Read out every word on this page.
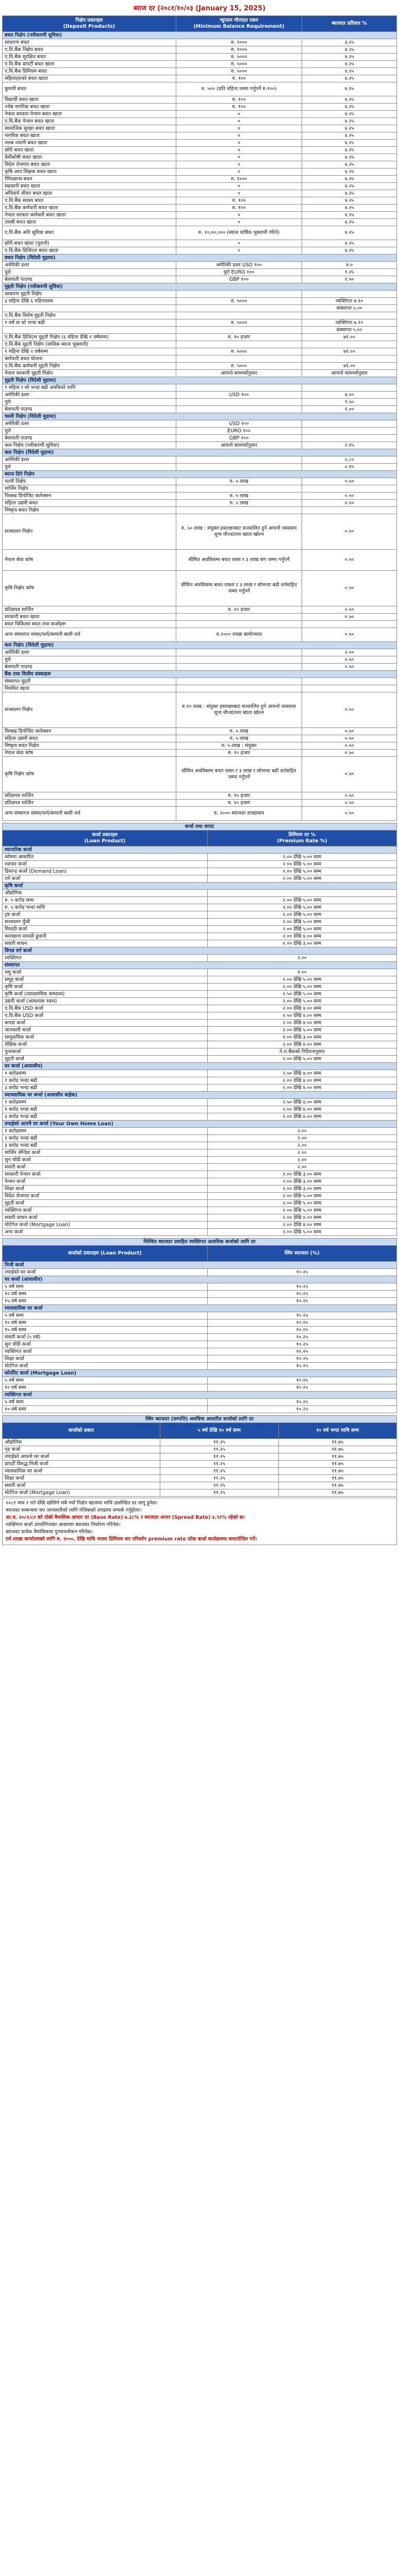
ब्याज दर (२०८१/१०/०३ (January 15, 2025)
निक्षेप प्रकारहरु
(Deposit Products)	न्यूनतम मौज्दात रकम
(Minimum Balance Requirement)	ब्याजदर प्रतिशत %
बचत निक्षेप (नवीकरणी सुविधा)		
साधारण बचत	रु. १०००	३.२५
ए.वि.बैंक निक्षेप बचत	रु. १०००	४.२५
ए.वि.बैंक सुरक्षित बचत	रु. ५०००	४.२५
ए.वि.बैंक प्रापर्टी बचत खाता	रु. ५०००	४.२५
ए.वि.बैंक प्रिमियम बचत	रु. ५०००	४.२५
महिलाहरुको बचत खाता	रु. १००	४.२५
कुमारी बचत	रु. ५०० (प्रति महिना जम्मा गर्नुपर्ने रु.१००)	४.२५
विद्यार्थी बचत खाता	रु. १००	४.२५
ज्येष्ठ नागरिक बचत खाता	रु. १००	४.२५
नेपाल सरकार पेन्सन बचत खाता	०	४.२५
ए.वि.बैंक पेन्सन बचत खाता	०	४.२५
सामाजिक सुरक्षा बचत खाता	०	४.२५
नागरिक बचत खाता	०	४.२५
तलब ज्यानी बचत खाता	०	४.२५
छोरी बचत खाता	०	४.२५
प्रेमीकोषी बचत खाता	०	४.२५
विदेश रोजगार बचत खाता	०	४.२५
कृषि आय शिक्षक बचत खाता	०	४.२५
रेमिट्यान्स बचत	रु. १०००	४.२५
सहकारी बचत खाता	०	४.२५
अनिवार्य जीवन बचत खाता	०	४.२५
ए.वि.बैंक सदस्य बचत	रु. १००	४.२५
ए.वि.बैंक कर्मचारी बचत खाता	रु. १००	४.२५
नेपाल सरकार कर्मचारी बचत खाता	०	४.२५
तलबी बचत खाता	०	४.२५
ए.वि.बैंक अति सुविधा बचत	रु. १०,००,००० (ब्याज वार्षिक भुक्तानी गरिने)	४.२५
छोरी बचत खाता (पुरानो)	०	४.२५
ए.वि.बैंक डिजिटल बचत खाता	०	४.२५
बचत निक्षेप (विदेशी मुद्रामा)		
अमेरिकी डलर	अमेरिकी डलर USD १००	४.०
युरो	युरो EURO १००	१.२५
बेलायती पाउण्ड	GBP १००	१.५०
मुद्दती निक्षेप (नवीकरणी सुविधा)		
साधारण मुद्दती निक्षेप		
३ महिना देखि ६ महिनासम्म	रु. ५०००	व्यक्तिगत ७.१०
		संस्थागत ५.००
ए.वि.बैंक विशेष मुद्दती निक्षेप		
१ वर्ष वा सो भन्दा बढी	रु. ५०००	व्यक्तिगत ७.१०
		संस्थागत ५.००
ए.वि.बैंक डिजिटल मुद्दती निक्षेप (६ महिना देखि १ वर्षसम्म)	रु. १० हजार	७१.००
ए.वि.बैंक मुद्दती निक्षेप (मासिक ब्याज भुक्तानी)		
१ महिना देखि २ वर्षसम्म	रु. ५०००	७१.००
कर्मचारी बचत योजना		
ए.वि.बैंक कर्मचारी मुद्दती निक्षेप	रु. ५०००	७१.००
नेपाल सरकारी मुद्दती निक्षेप	आफ्नो सामर्थ्यानुसार	आफ्नो सामर्थ्यानुसार
मुद्दती निक्षेप (विदेशी मुद्रामा)		
१ महिना र सो भन्दा बढी अवधिको लागि		
अमेरिकी डलर	USD १००	४.००
युरो		१.५०
बेलायती पाउण्ड		१.००
चल्ती निक्षेप (विदेशी मुद्रामा)		
अमेरिकी डलर	USD १००	
युरो	EURO १००	
बेलायती पाउण्ड	GBP १००	
कल निक्षेप (नवीकरणी सुविधा)	आफ्नो सामर्थ्यानुसार	२.१५
कल निक्षेप (विदेशी मुद्रामा)		
अमेरिकी डलर		०.८०
युरो		०.१५
ब्याज दिने निक्षेप		
चल्ती निक्षेप	रु. ५ लाख	०.५०
मार्जिन निक्षेप		
फिक्स्ड डिपोजिट कलेक्सन	रु. ५ लाख	०.५०
महिला उद्यमी बचत	रु. ५ लाख	०.५०
निष्कृय बचत निक्षेप		
सञ्चालन निक्षेप	रु. ५० लाख : संयुक्त हस्ताक्षरबाट सञ्चालित हुने आफ्नो व्यवसाय शून्य मौज्दातमा खाता खोल्न	०.५०
नेपाल सेवा कोष	सीमित अवधिसम्म बचत राख्न र ३ लाख संग जम्मा गर्नुपर्ने	०.५०
कृषि निक्षेप कोष	सीमित अवधिसम्म बचत राख्ना र ३ लाख र सोभन्दा बढी शर्तसहित जम्मा गर्नुपर्ने	०.५०
प्रतिज्ञपत्र मार्जिन	रु. १० हजार	०.५०
सरकारी बचत खाता		०.५०
बचत चिकित्सा बचत तथा कर्जाहरू		
अन्य संस्थागत संस्था/फर्म/कम्पनी बासी शर्त	रु.२००० शाखा बामोनमात्र	०.५०
कल निक्षेप (विदेशी मुद्रामा)		
अमेरिकी डलर		२.००
युरो		०.५०
बेलायती पाउण्ड		०.५०
बैंक तथा वित्तीय संस्थाहरू		
संस्थागत मुद्दती		
नियमित खाता		
सञ्चालन निक्षेप	रु.१० लाख : संयुक्त हस्ताक्षरबाट सञ्चालित हुने आफ्नो व्यवसाय शून्य मौज्दातमा खाता खोल्न	०.५०
फिक्स्ड डिपोजिट कलेक्सन	रु. ५ लाख	०.५०
महिला उद्यमी बचत	रु. ५ लाख	०.५०
निष्कृय बचत निक्षेप	रु. ५ लाख : संयुक्त	०.५०
नेपाल सेवा कोष	रु. १० हजार	०.५०
कृषि निक्षेप कोष	सीमित अवधिसम्म बचत राख्न र ३ लाख र सोभन्दा बढी शर्तसहित जम्मा गर्नुपर्ने	०.५०
प्रतिज्ञपत्र मार्जिन	रु. १० हजार	०.५०
प्रतिज्ञपत्र मार्जिन	रु. १० हजार	०.५०
अन्य संस्थागत संस्था/फर्म/कम्पनी बासी शर्त	रु. २००० ब्याजदर शाखामात्र	०.५०
कर्जा तथा सापट	
कर्जा प्रकारहरु
(Loan Product)	प्रिमियम दर %
(Premium Rate %)
व्यापारिक कर्जा	
कोषमा आधारित	२.०० देखि ५.०० सम्म
व्यापार कर्जा	२.०० देखि ५.०० सम्म
डिमान्ड कर्जा (Demand Loan)	२.०० देखि ५.०० सम्म
टर्म कर्जा	२.०० देखि ५.०० सम्म
कृषि कर्जा	
औद्योगिक	
रु. ५ करोड सम्म	२.०० देखि ५.०० सम्म
रु. ५ करोड भन्दा माथि	२.०० देखि ५.०० सम्म
ट्रष्ट कर्जा	२.०० देखि ५.०० सम्म
सञ्चालन पुँजी	२.०० देखि ५.०० सम्म
मियादी कर्जा	२.०० देखि ५.०० सम्म
कारखाना सामग्री ढुवानी	२.०० देखि ४.०० सम्म
सवारी साधन	२.०० देखि ३.०० सम्म
विपन्न वर्ग कर्जा	
व्यक्तिगत	२.००
संस्थागत	
लघु कर्जा	१.००
समूह कर्जा	२.०० देखि ५.०० सम्म
कृषि कर्जा	२.०० देखि ५.०० सम्म
कृषि कर्जा (व्यावसायिक सम्भाव्य)	२.५० देखि ५.०० सम्म
उद्यमी कर्जा (आवश्यक रकम)	२.०० देखि ५.०० सम्म
ए.वि.बैंक USD कर्जा	२.०० देखि ४.०० सम्म
ए.वि.बैंक USD कर्जा	२.५० देखि ४.०० सम्म
कपडा कर्जा	२.०० देखि ४.०० सम्म
जानकारी कर्जा	२.०० देखि ५.०० सम्म
सामुदायिक कर्जा	१.०० देखि ३.०० सम्म
शैक्षिक कर्जा	२.०० देखि ४.०० सम्म
पुनरकर्जा	ने.रा.बैंकको निर्देशनानुसार
मुद्दती कर्जा	२.०० देखि ५.०० सम्म
घर कर्जा (आवासीय)	
१ करोडसम्म	२.५० देखि ४.०० सम्म
१ करोड भन्दा बढी	२.०० देखि ४.०० सम्म
३ करोड भन्दा बढी	२.०० देखि ४.०० सम्म
व्यावसायिक घर कर्जा (आवासीय बाहेक)	
१ करोडसम्म	२.५० देखि ४.०० सम्म
१ करोड भन्दा बढी	२.०० देखि ४.०० सम्म
३ करोड भन्दा बढी	२.०० देखि ४.०० सम्म
तपाईको आफ्नै घर कर्जा (Your Own Home Loan)	
१ करोडसम्म	२.००
१ करोड भन्दा बढी	२.००
३ करोड भन्दा बढी	२.००
मार्जिन लेन्डिङ कर्जा	२.००
सुन चाँदी कर्जा	२.००
सवारी कर्जा	२.००
सरकारी पेन्सन कर्जा	२.०० देखि ३.०० सम्म
पेन्सन कर्जा	२.०० देखि ३.०० सम्म
शिक्षा कर्जा	२.०० देखि ३.०० सम्म
विदेश रोजगार कर्जा	२.०० देखि ५.०० सम्म
मुद्दती कर्जा	२.०० देखि ५.०० सम्म
व्यक्तिगत कर्जा	२.०० देखि ५.०० सम्म
सवारी साधन कर्जा	२.०० देखि ४.०० सम्म
मोर्टगेज कर्जा (Mortgage Loan)	२.०० देखि ४.०० सम्म
अन्य कर्जा	२.०० देखि ५.०० सम्म
निश्चित ब्याजदर प्रवाहित व्यक्तिगत आवधिक कर्जाको लागि दर	
कर्जाको प्रकारहरु (Loan Product)	स्थिर ब्याजदर (%)
निजी कर्जा	
तपाईको घर कर्जा	१०.२५
घर कर्जा (आवासीय)	
५ वर्ष सम्म	१०.२५
१० वर्ष सम्म	१०.२५
१५ वर्ष सम्म	१०.२५
व्यावसायिक घर कर्जा	
५ वर्ष सम्म	१०.२५
१० वर्ष सम्म	१०.२५
१५ वर्ष सम्म	१०.२५
सवारी कर्जा (५ वर्ष)	१०.२५
सुन चाँदी कर्जा	१०.२५
व्यक्तिगत कर्जा	१०.२५
शिक्षा कर्जा	१०.२५
मोर्टगेज कर्जा	१०.२५
कोर्पोरेट कर्जा (Mortgage Loan)	
५ वर्ष सम्म	१०.२५
१० वर्ष सम्म	१०.२५
व्यक्तिगत कर्जा	
५ वर्ष सम्म	१०.२५
१० वर्ष सम्म	१०.२५
स्थिर ब्याजदर (सम्पत्ति) अवधिमा आधारित कर्जाको लागि दर		
कर्जाको प्रकार	५ वर्ष देखि १० वर्ष सम्म	१० वर्ष भन्दा माथि सम्म
औद्योगिक	११.२५	११.७५
गृह कर्जा	११.२५	११.७५
तपाईको आफ्नो घर कर्जा	११.२५	११.७५
प्रापर्टी विरुद्ध निजी कर्जा	११.२५	११.७५
व्यावसायिक घर कर्जा	११.२५	११.७५
शिक्षा कर्जा	११.२५	११.७५
सवारी कर्जा	११.२५	११.७५
मोर्टगेज कर्जा (Mortgage Loan)	११.२५	११.७५

२०८१ माघ १ गते देखि खोलिने सबै नयाँ निक्षेप खातामा माथि उल्लेखित दर लागू हुनेछ।

ब्याजदर सम्बन्धमा थप जानकारीको लागि नजिकको शाखामा सम्पर्क गर्नुहोला।

आ.व. २०८१/८२ को दोस्रो त्रैमासिक आधार दर (Base Rate) ७.३८% र ब्याजदर अन्तर (Spread Rate) ४.९२% रहेको छ।

व्यक्तिगत कर्जा उपयोगिताका आधारमा ब्याजदर निर्धारण गरिनेछ।

ब्याजदर प्रत्येक त्रैमासिकमा पुनरावलोकन गरिनेछ।

टर्म शाखा कार्यालयको लागि रु. २०००, देखि माथि भएमा प्रिमियम थप परिवर्तन premium rate दरेक कर्जा कार्यक्रममा समायोजित गर्ने।
